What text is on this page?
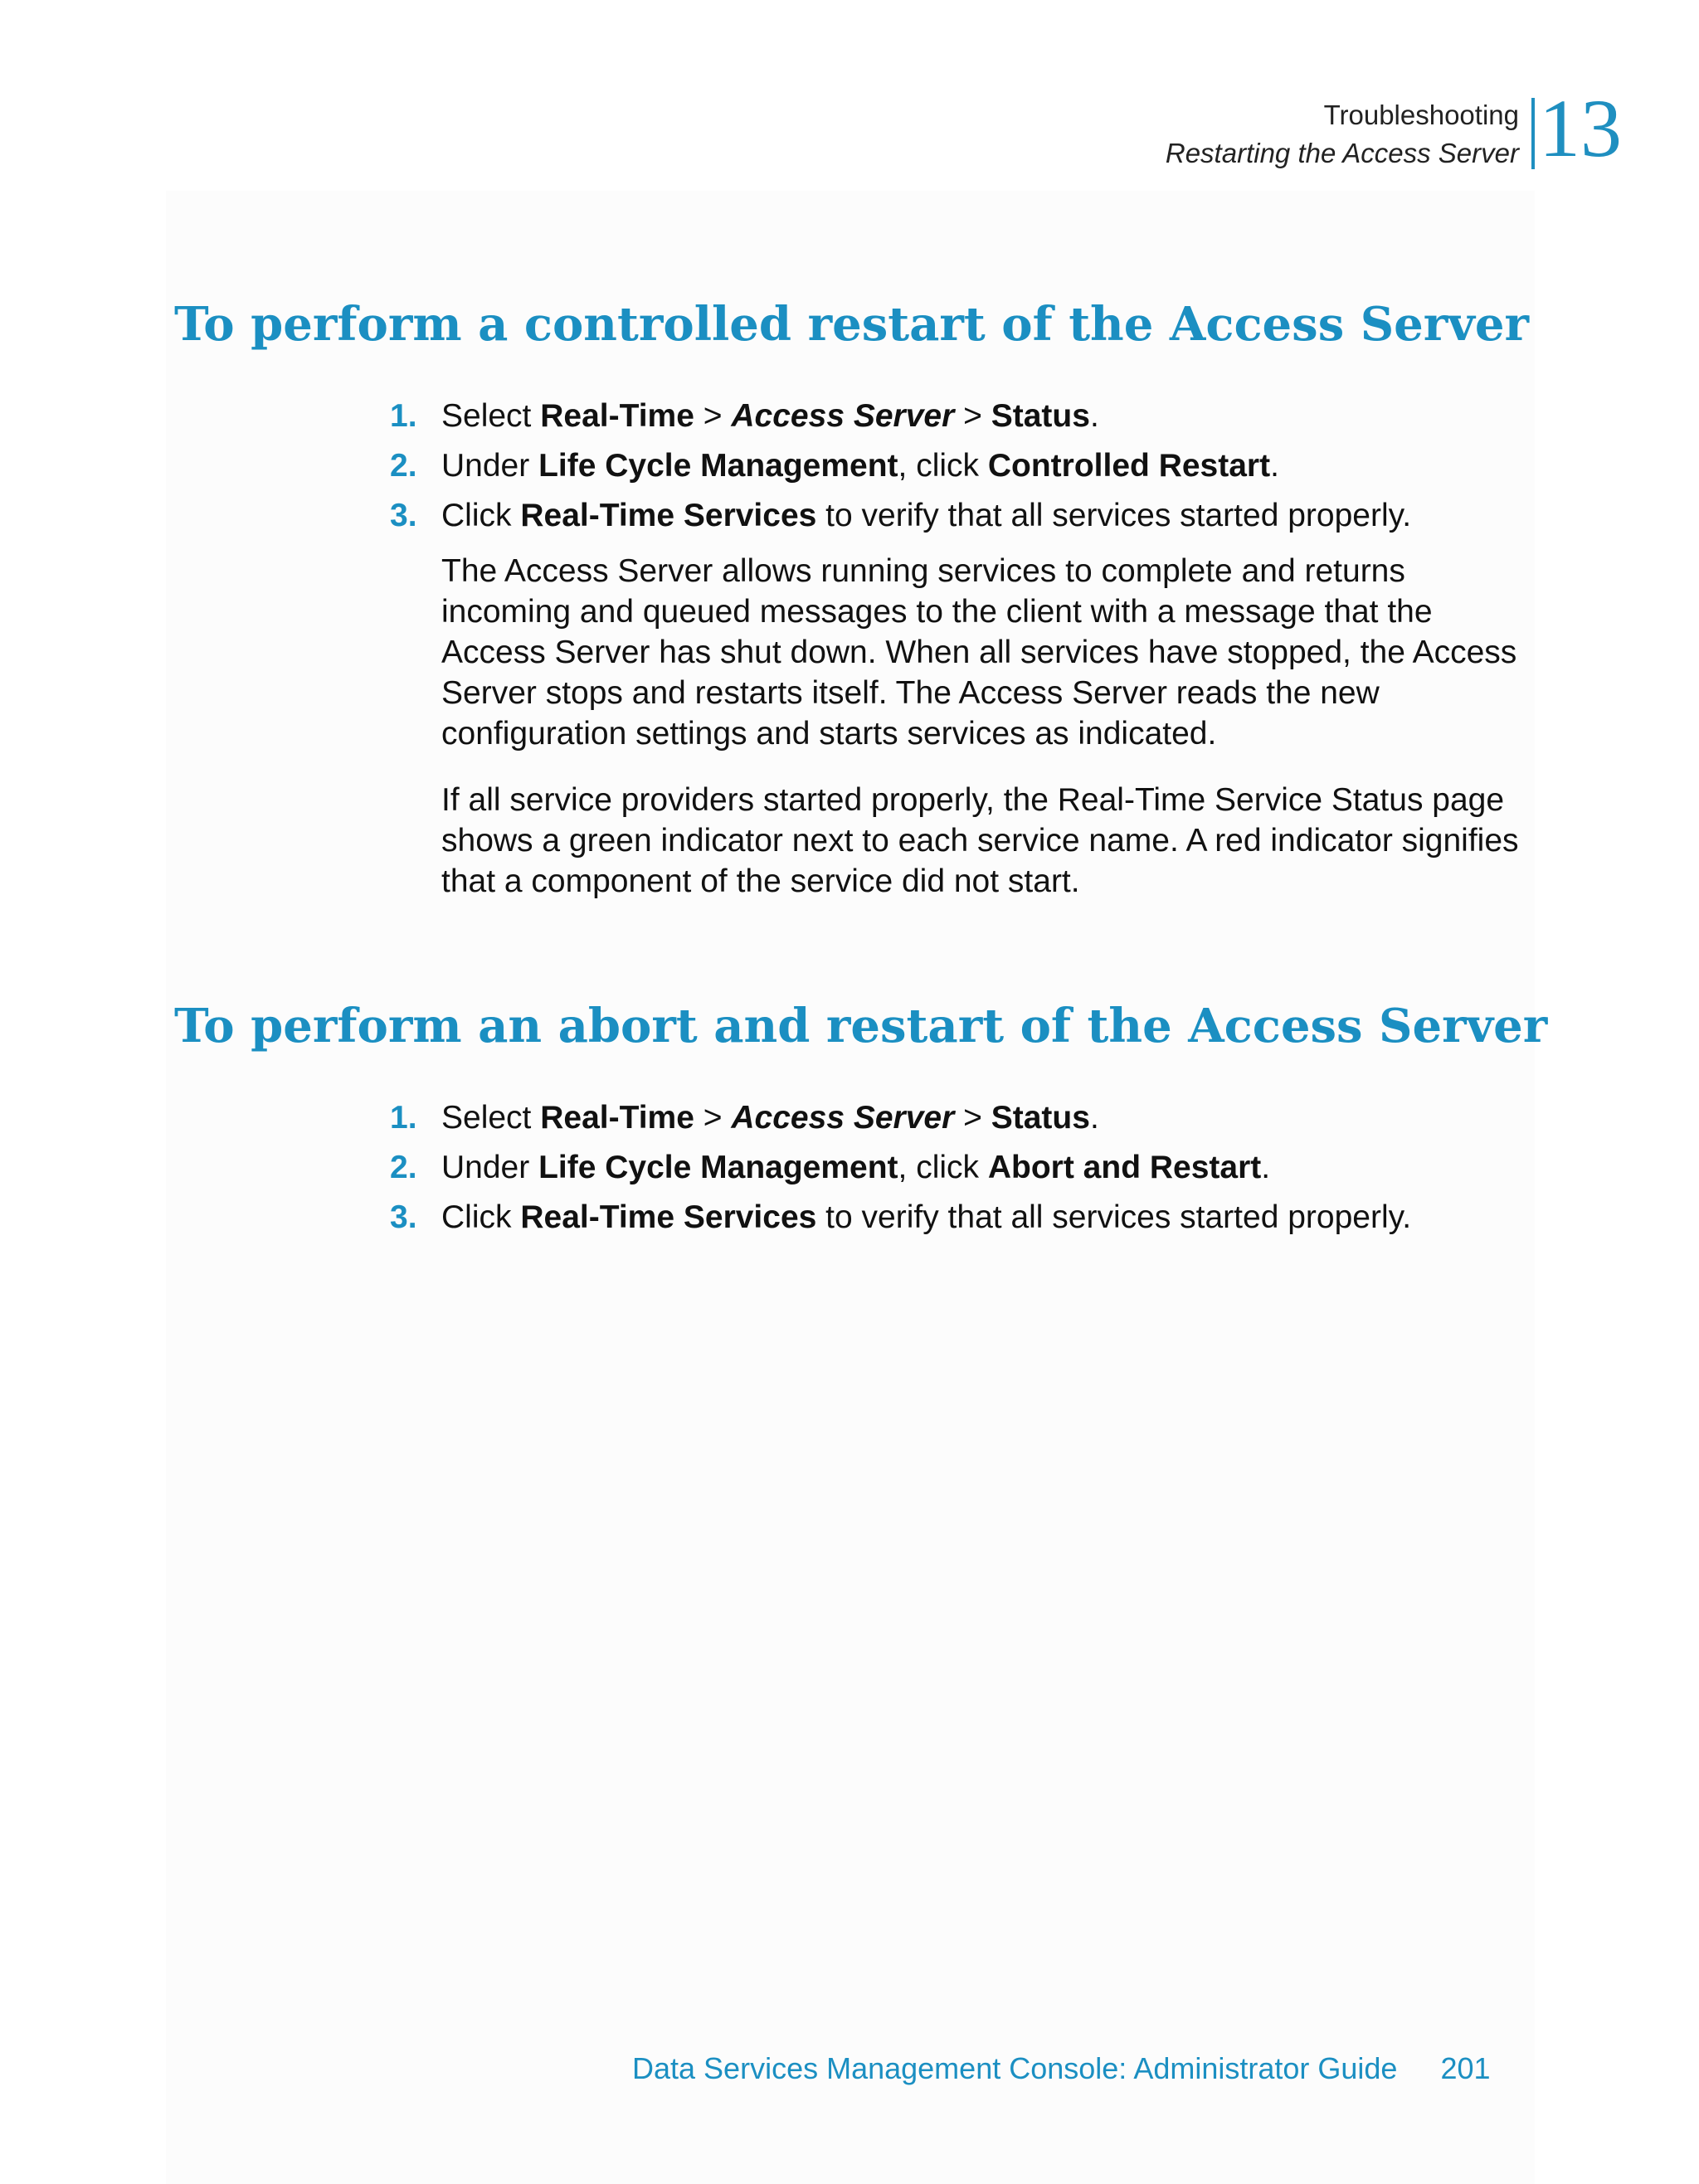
Troubleshooting
Restarting the Access Server 13
To perform a controlled restart of the Access Server
1. Select Real-Time > Access Server > Status.
2. Under Life Cycle Management, click Controlled Restart.
3. Click Real-Time Services to verify that all services started properly.

The Access Server allows running services to complete and returns incoming and queued messages to the client with a message that the Access Server has shut down. When all services have stopped, the Access Server stops and restarts itself. The Access Server reads the new configuration settings and starts services as indicated.

If all service providers started properly, the Real-Time Service Status page shows a green indicator next to each service name. A red indicator signifies that a component of the service did not start.

To perform an abort and restart of the Access Server
1. Select Real-Time > Access Server > Status.
2. Under Life Cycle Management, click Abort and Restart.
3. Click Real-Time Services to verify that all services started properly.
Data Services Management Console: Administrator Guide 201
